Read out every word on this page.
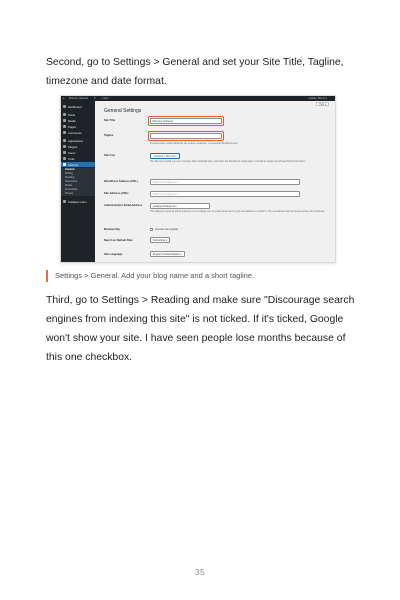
Second, go to Settings > General and set your Site Title, Tagline, timezone and date format.
● Mommy Harvest 0 + New	Howdy, Mommy
Dashboard
Posts
Media
Pages
Comments
Appearance
Plugins
Users
Tools
Settings
General
Writing
Reading
Discussion
Media
Permalinks
Privacy
Collapse menu
Help ▾
General Settings
Site Title	Mommy Harvest
Tagline
In a few words, explain what this site is about. Example: "Just another WordPress site."
Site Icon	Choose a Site Icon
The Site Icon is what you see in browser tabs, bookmark bars, and within the WordPress mobile apps. It should be square and at least 512 by 512 pixels.
WordPress Address (URL)	https://yourblog.com
Site Address (URL)	https://yourblog.com
Administration Email Address	you@yourblog.com
This address is used for admin purposes. If you change this, an email will be sent to your new address to confirm it. The new address will not become active until confirmed.
Membership	Anyone can register
New User Default Role	Subscriber ▾
Site Language	English (United States) ▾
Settings > General. Add your blog name and a short tagline.
Third, go to Settings > Reading and make sure "Discourage search engines from indexing this site" is not ticked. If it's ticked, Google won't show your site. I have seen people lose months because of this one checkbox.
35
